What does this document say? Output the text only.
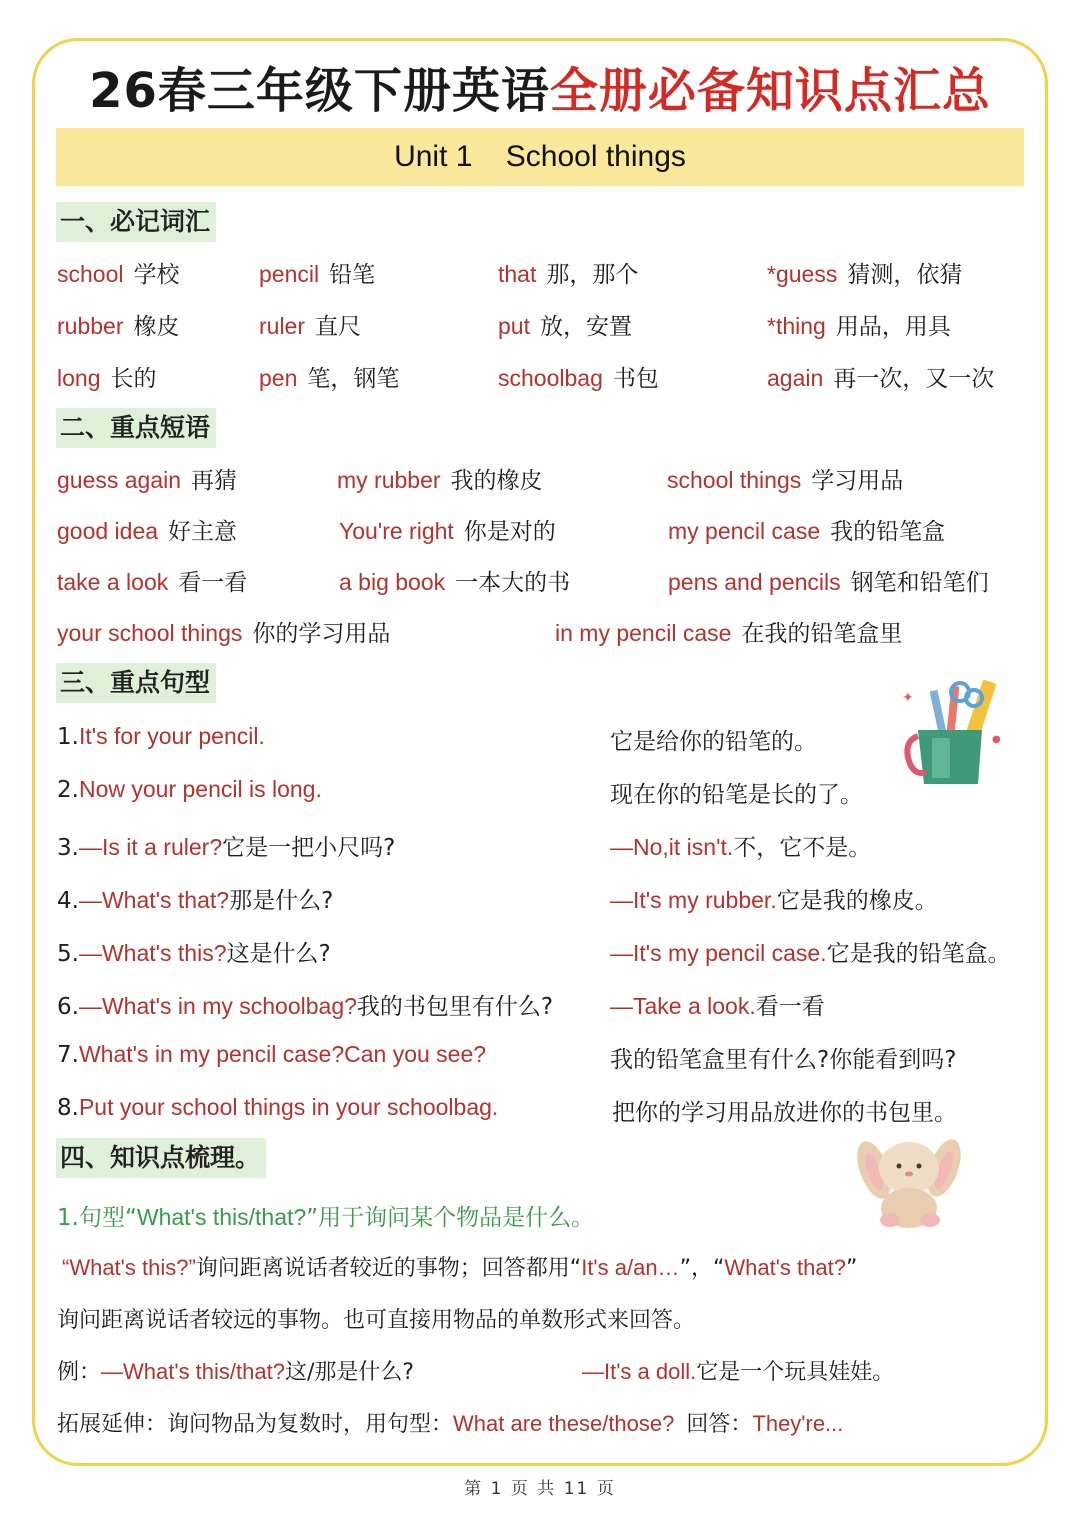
26春三年级下册英语全册必备知识点汇总
Unit 1    School things
一、必记词汇
school 学校	pencil 铅笔	that 那，那个	*guess 猜测，依猜
rubber 橡皮	ruler 直尺	put 放，安置	*thing 用品，用具
long 长的	pen 笔，钢笔	schoolbag 书包	again 再一次，又一次
二、重点短语
guess again 再猜	my rubber 我的橡皮	school things 学习用品
good idea 好主意	You're right 你是对的	my pencil case 我的铅笔盒
take a look 看一看	a big book 一本大的书	pens and pencils 钢笔和铅笔们
your school things 你的学习用品	in my pencil case 在我的铅笔盒里
三、重点句型
✦
●
1.It's for your pencil.	它是给你的铅笔的。
2.Now your pencil is long.	现在你的铅笔是长的了。
3.—Is it a ruler?它是一把小尺吗?	—No,it isn't.不，它不是。
4.—What's that?那是什么?	—It's my rubber.它是我的橡皮。
5.—What's this?这是什么?	—It's my pencil case.它是我的铅笔盒。
6.—What's in my schoolbag?我的书包里有什么? —Take a look.看一看
7.What's in my pencil case?Can you see?	我的铅笔盒里有什么?你能看到吗?
8.Put your school things in your schoolbag.	把你的学习用品放进你的书包里。
四、知识点梳理。
1.句型“What's this/that?”用于询问某个物品是什么。
“What's this?”询问距离说话者较近的事物；回答都用“It's a/an…”，“What's that?”
询问距离说话者较远的事物。也可直接用物品的单数形式来回答。
例：—What's this/that?这/那是什么?	—It's a doll.它是一个玩具娃娃。
拓展延伸：询问物品为复数时，用句型：What are these/those? 回答：They're...
第 1 页 共 11 页
